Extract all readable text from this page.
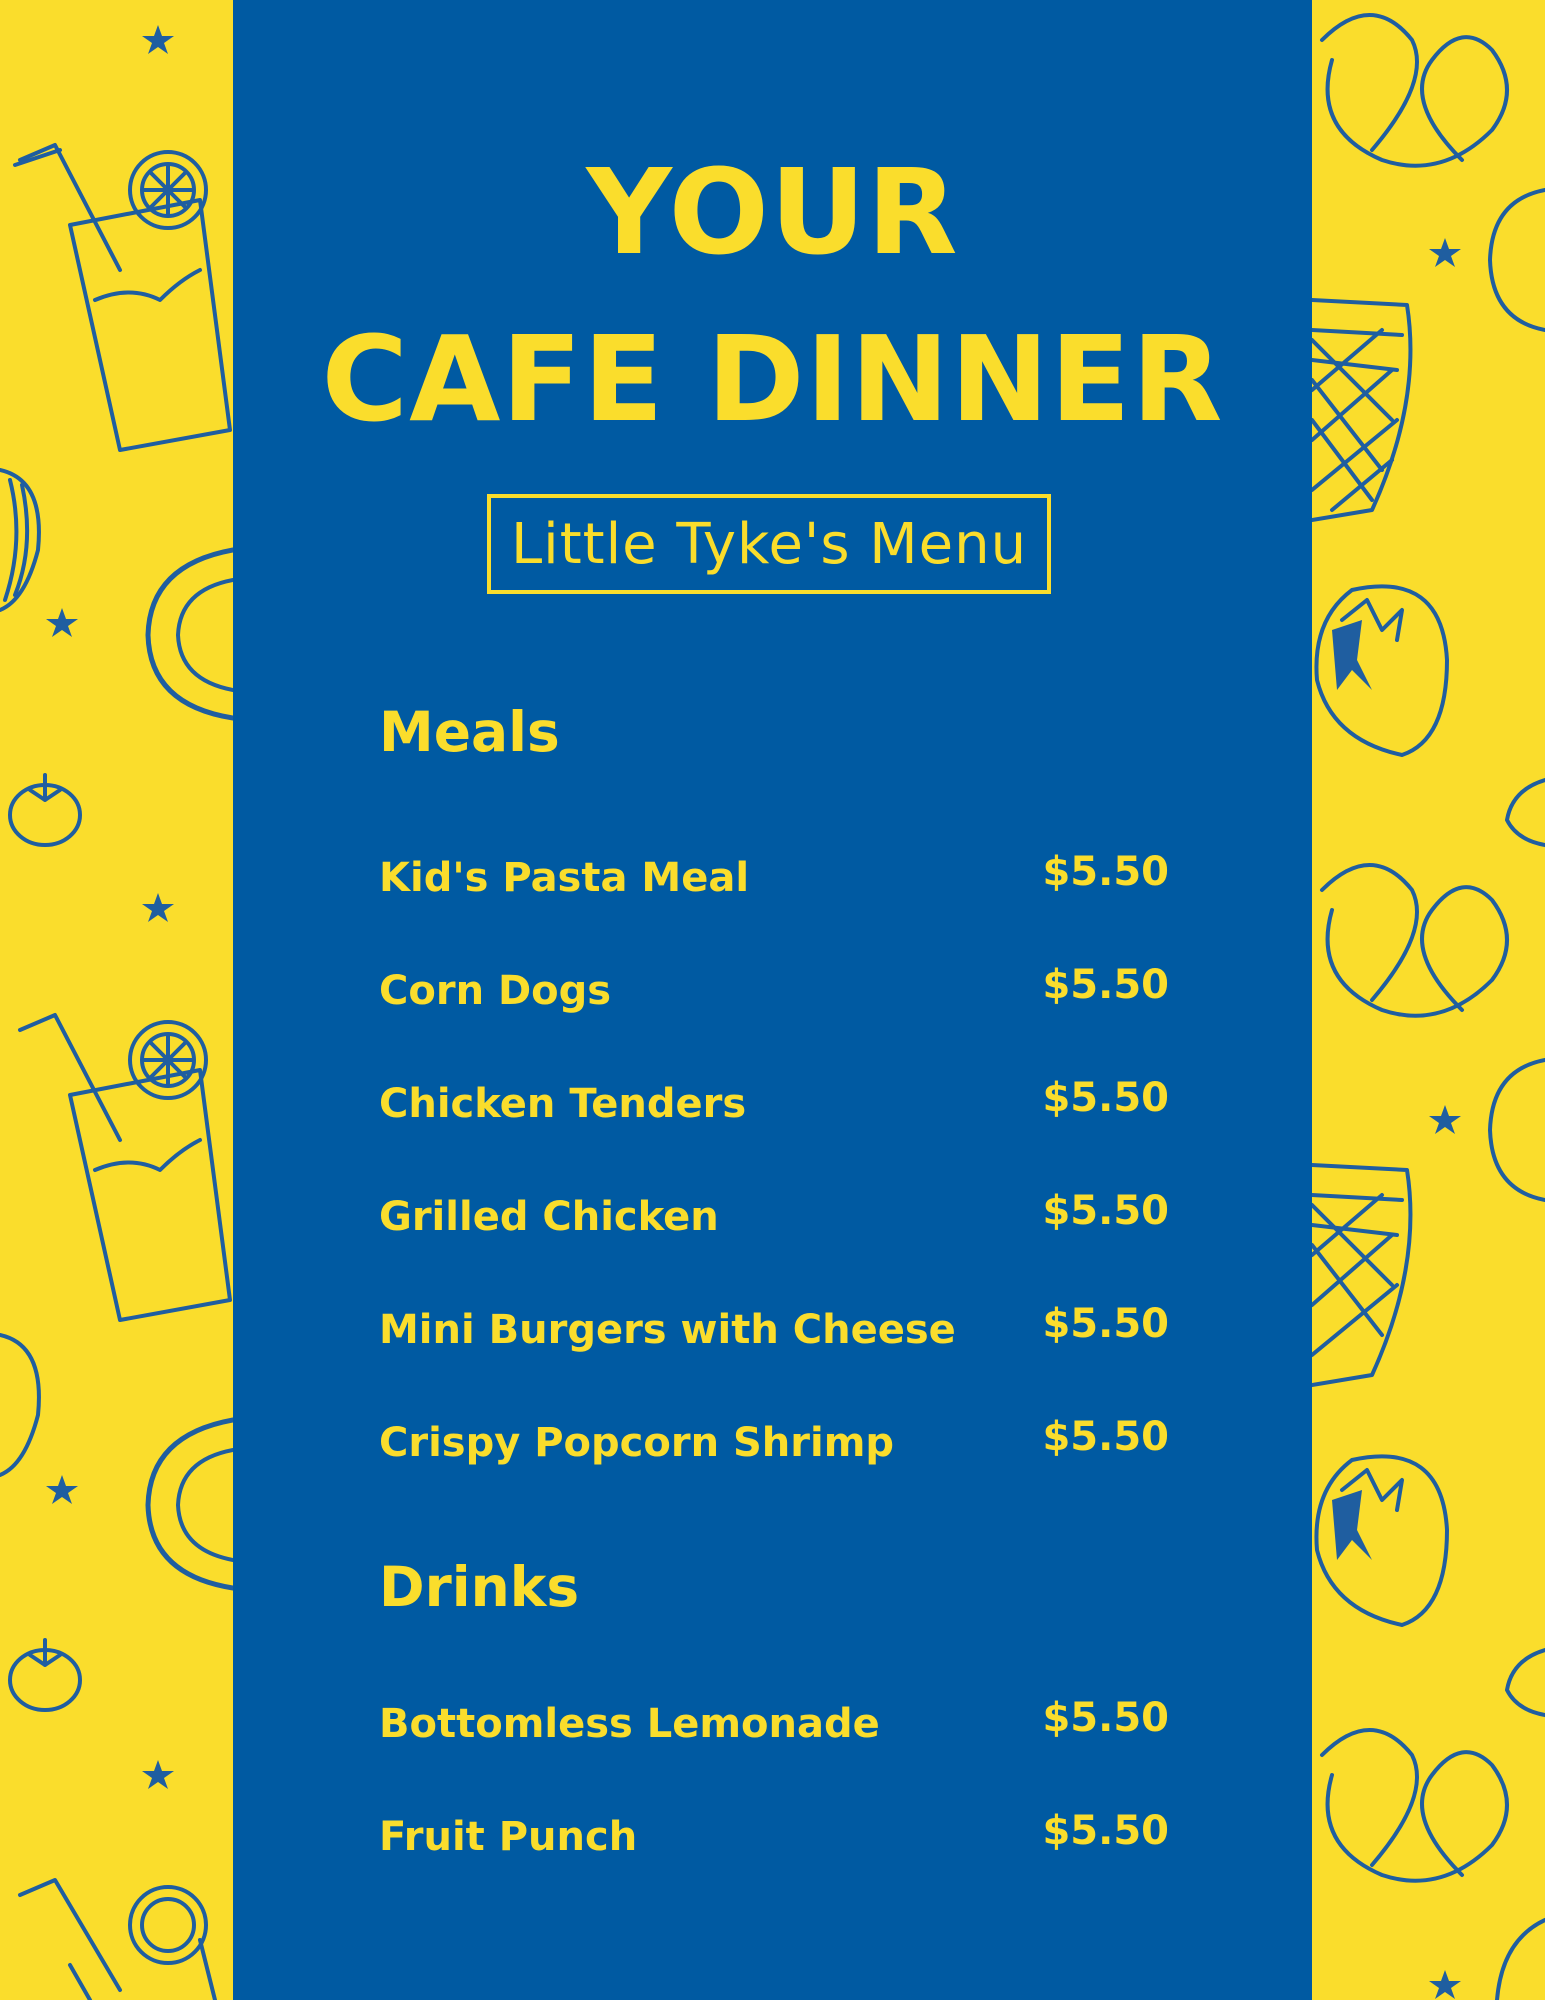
YOUR
CAFE DINNER
Little Tyke's Menu
Meals
Kid's Pasta Meal	$5.50
Corn Dogs	$5.50
Chicken Tenders	$5.50
Grilled Chicken	$5.50
Mini Burgers with Cheese $5.50
Crispy Popcorn Shrimp	$5.50
Drinks
Bottomless Lemonade	$5.50
Fruit Punch	$5.50
